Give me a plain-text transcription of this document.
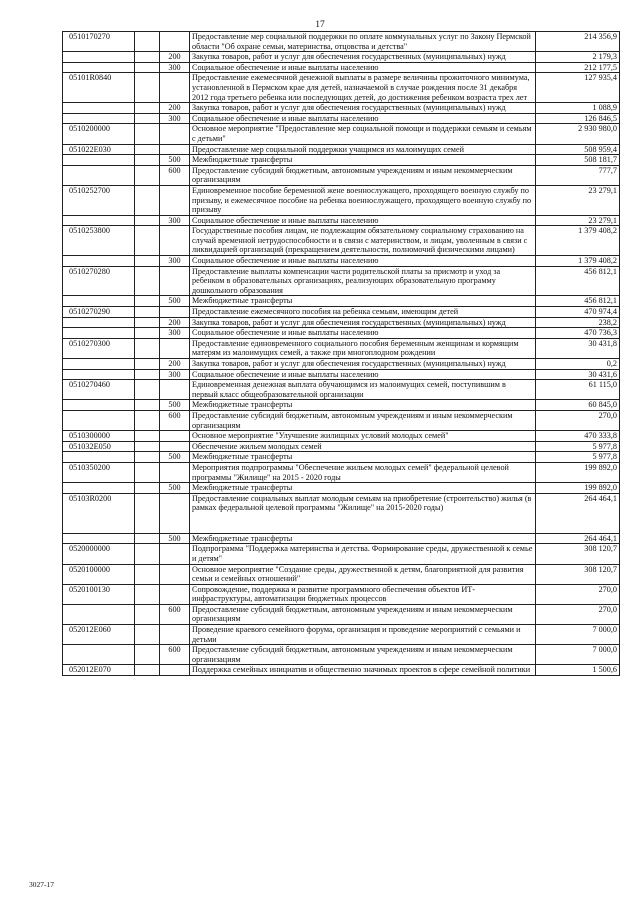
17
0510170270			Предоставление мер социальной поддержки по оплате коммунальных услуг по Закону Пермской области "Об охране семьи, материнства, отцовства и детства"	214 356,9
		200	Закупка товаров, работ и услуг для обеспечения государственных (муниципальных) нужд	2 179,3
		300	Социальное обеспечение и иные выплаты населению	212 177,5
05101R0840			Предоставление ежемесячной денежной выплаты в размере величины прожиточного минимума, установленной в Пермском крае для детей, назначаемой в случае рождения после 31 декабря 2012 года третьего ребенка или последующих детей, до достижения ребенком возраста трех лет	127 935,4
		200	Закупка товаров, работ и услуг для обеспечения государственных (муниципальных) нужд	1 088,9
		300	Социальное обеспечение и иные выплаты населению	126 846,5
0510200000			Основное мероприятие "Предоставление мер социальной помощи и поддержки семьям и семьям с детьми"	2 930 980,0
051022E030			Предоставление мер социальной поддержки учащимся из малоимущих семей	508 959,4
		500	Межбюджетные трансферты	508 181,7
		600	Предоставление субсидий бюджетным, автономным учреждениям и иным некоммерческим организациям	777,7
0510252700			Единовременное пособие беременной жене военнослужащего, проходящего военную службу по призыву, и ежемесячное пособие на ребенка военнослужащего, проходящего военную службу по призыву	23 279,1
		300	Социальное обеспечение и иные выплаты населению	23 279,1
0510253800			Государственные пособия лицам, не подлежащим обязательному социальному страхованию на случай временной нетрудоспособности и в связи с материнством, и лицам, уволенным в связи с ликвидацией организаций (прекращением деятельности, полномочий физическими лицами)	1 379 408,2
		300	Социальное обеспечение и иные выплаты населению	1 379 408,2
0510270280			Предоставление выплаты компенсации части родительской платы за присмотр и уход за ребенком в образовательных организациях, реализующих образовательную программу дошкольного образования	456 812,1
		500	Межбюджетные трансферты	456 812,1
0510270290			Предоставление ежемесячного пособия на ребенка семьям, имеющим детей	470 974,4
		200	Закупка товаров, работ и услуг для обеспечения государственных (муниципальных) нужд	238,2
		300	Социальное обеспечение и иные выплаты населению	470 736,3
0510270300			Предоставление единовременного социального пособия беременным женщинам и кормящим матерям из малоимущих семей, а также при многоплодном рождении	30 431,8
		200	Закупка товаров, работ и услуг для обеспечения государственных (муниципальных) нужд	0,2
		300	Социальное обеспечение и иные выплаты населению	30 431,6
0510270460			Единовременная денежная выплата обучающимся из малоимущих семей, поступившим в первый класс общеобразовательной организации	61 115,0
		500	Межбюджетные трансферты	60 845,0
		600	Предоставление субсидий бюджетным, автономным учреждениям и иным некоммерческим организациям	270,0
0510300000			Основное мероприятие "Улучшение жилищных условий молодых семей"	470 333,8
051032E050			Обеспечение жильем молодых семей	5 977,8
		500	Межбюджетные трансферты	5 977,8
0510350200			Мероприятия подпрограммы "Обеспечение жильем молодых семей" федеральной целевой программы "Жилище" на 2015 - 2020 годы	199 892,0
		500	Межбюджетные трансферты	199 892,0
05103R0200			Предоставление социальных выплат молодым семьям на приобретение (строительство) жилья (в рамках федеральной целевой программы "Жилище" на 2015-2020 годы)	264 464,1
		500	Межбюджетные трансферты	264 464,1
0520000000			Подпрограмма "Поддержка материнства и детства. Формирование среды, дружественной к семье и детям"	308 120,7
0520100000			Основное мероприятие "Создание среды, дружественной к детям, благоприятной для развития семьи и семейных отношений"	308 120,7
0520100130			Сопровождение, поддержка и развитие программного обеспечения объектов ИТ-инфраструктуры, автоматизации бюджетных процессов	270,0
		600	Предоставление субсидий бюджетным, автономным учреждениям и иным некоммерческим организациям	270,0
052012E060			Проведение краевого семейного форума, организация и проведение мероприятий с семьями и детьми	7 000,0
		600	Предоставление субсидий бюджетным, автономным учреждениям и иным некоммерческим организациям	7 000,0
052012E070			Поддержка семейных инициатив и общественно значимых проектов в сфере семейной политики	1 500,6
3027-17
